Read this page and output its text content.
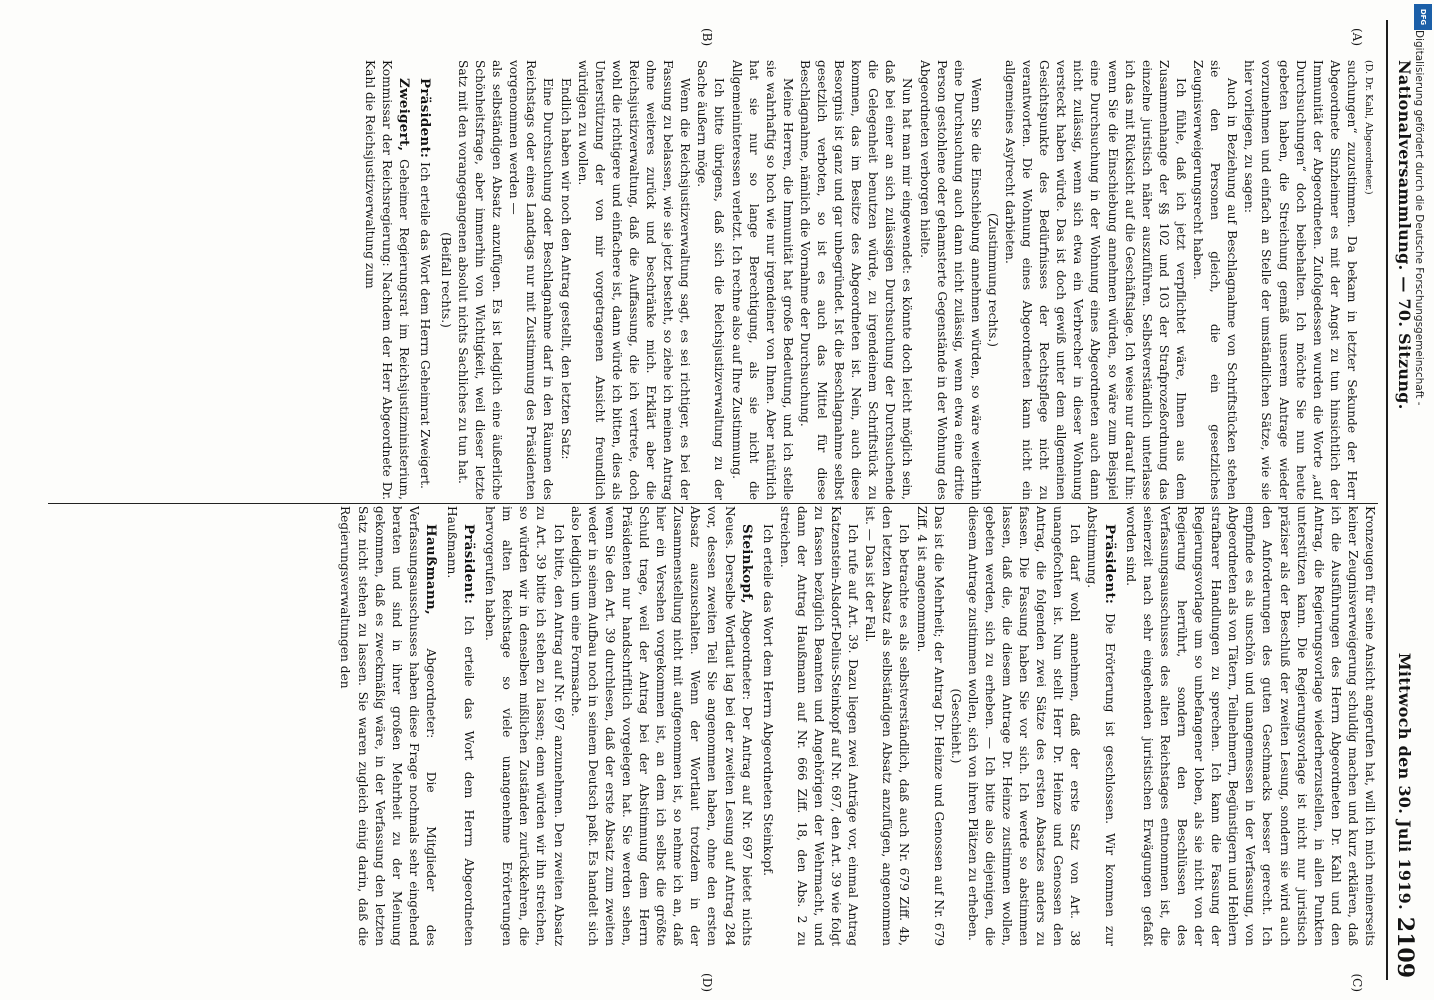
Nationalversammlung. — 70. Sitzung.
Mittwoch den 30. Juli 1919.
2109
(A)
(B)
(C)
(D)

(D. Dr. Kahl, Abgeordneter.)

suchungen“ zuzustimmen. Da bekam in letzter Sekunde der Herr Abgeordnete Sinzheimer es mit der Angst zu tun hinsichtlich der Immunität der Abgeordneten. Zufolgedessen wurden die Worte „auf Durchsuchungen“ doch beibehalten. Ich möchte Sie nun heute gebeten haben, die Streichung gemäß unserem Antrage wieder vorzunehmen und einfach an Stelle der umständlichen Sätze, wie sie hier vorliegen, zu sagen:

Auch in Beziehung auf Beschlagnahme von Schriftstücken stehen sie den Personen gleich, die ein gesetzliches Zeugnisverweigerungsrecht haben.

Ich fühle, daß ich jetzt verpflichtet wäre, Ihnen aus dem Zusammenhange der §§ 102 und 103 der Strafprozeßordnung das einzelne juristisch näher auszuführen. Selbstverständlich unterlasse ich das mit Rücksicht auf die Geschäftslage. Ich weise nur darauf hin: wenn Sie die Einschiebung annehmen würden, so wäre zum Beispiel eine Durchsuchung in der Wohnung eines Abgeordneten auch dann nicht zulässig, wenn sich etwa ein Verbrecher in dieser Wohnung versteckt haben würde. Das ist doch gewiß unter dem allgemeinen Gesichtspunkte des Bedürfnisses der Rechtspflege nicht zu verantworten. Die Wohnung eines Abgeordneten kann nicht ein allgemeines Asylrecht darbieten.

(Zustimmung rechts.)

Wenn Sie die Einschiebung annehmen würden, so wäre weiterhin eine Durchsuchung auch dann nicht zulässig, wenn etwa eine dritte Person gestohlene oder gehamsterte Gegenstände in der Wohnung des Abgeordneten verborgen hielte.

Nun hat man mir eingewendet: es könnte doch leicht möglich sein, daß bei einer an sich zulässigen Durchsuchung der Durchsuchende die Gelegenheit benutzen würde, zu irgendeinem Schriftstück zu kommen, das im Besitze des Abgeordneten ist. Nein, auch diese Besorgnis ist ganz und gar unbegründet. Ist die Beschlagnahme selbst gesetzlich verboten, so ist es auch das Mittel für diese Beschlagnahme, nämlich die Vornahme der Durchsuchung.

Meine Herren, die Immunität hat große Bedeutung, und ich stelle sie wahrhaftig so hoch wie nur irgendeiner von Ihnen. Aber natürlich hat sie nur so lange Berechtigung, als sie nicht die Allgemeininteressen verletzt. Ich rechne also auf Ihre Zustimmung.

Ich bitte übrigens, daß sich die Reichsjustizverwaltung zu der Sache äußern möge.

Wenn die Reichsjustizverwaltung sagt, es sei richtiger, es bei der Fassung zu belassen, wie sie jetzt besteht, so ziehe ich meinen Antrag ohne weiteres zurück und beschränke mich. Erklärt aber die Reichsjustizverwaltung, daß die Auffassung, die ich vertrete, doch wohl die richtigere und einfachere ist, dann würde ich bitten, dies als Unterstützung der von mir vorgetragenen Ansicht freundlich würdigen zu wollen.

Endlich haben wir noch den Antrag gestellt, den letzten Satz:

Eine Durchsuchung oder Beschlagnahme darf in den Räumen des Reichstags oder eines Landtags nur mit Zustimmung des Präsidenten vorgenommen werden —

als selbständigen Absatz anzufügen. Es ist lediglich eine äußerliche Schönheitsfrage, aber immerhin von Wichtigkeit, weil dieser letzte Satz mit den vorangegangenen absolut nichts Sachliches zu tun hat.

(Beifall rechts.)

Präsident: Ich erteile das Wort dem Herrn Geheimrat Zweigert.

Zweigert, Geheimer Regierungsrat im Reichsjustizministerium, Kommissar der Reichsregierung: Nachdem der Herr Abgeordnete Dr. Kahl die Reichsjustizverwaltung zum

Kronzeugen für seine Ansicht angerufen hat, will ich mich meinerseits keiner Zeugnisverweigerung schuldig machen und kurz erklären, daß ich die Ausführungen des Herrn Abgeordneten Dr. Kahl und den Antrag, die Regierungsvorlage wiederherzustellen, in allen Punkten unterstützen kann. Die Regierungsvorlage ist nicht nur juristisch präziser als der Beschluß der zweiten Lesung, sondern sie wird auch den Anforderungen des guten Geschmacks besser gerecht. Ich empfinde es als unschön und unangemessen in der Verfassung, von Abgeordneten als von Tätern, Teilnehmern, Begünstigern und Hehlern strafbarer Handlungen zu sprechen. Ich kann die Fassung der Regierungsvorlage um so unbefangener loben, als sie nicht von der Regierung herrührt, sondern den Beschlüssen des Verfassungsausschusses des alten Reichstages entnommen ist, die seinerzeit nach sehr eingehenden juristischen Erwägungen gefaßt worden sind.

Präsident: Die Erörterung ist geschlossen. Wir kommen zur Abstimmung.

Ich darf wohl annehmen, daß der erste Satz von Art. 38 unangefochten ist. Nun stellt Herr Dr. Heinze und Genossen den Antrag, die folgenden zwei Sätze des ersten Absatzes anders zu fassen. Die Fassung haben Sie vor sich. Ich werde so abstimmen lassen, daß die, die diesem Antrage Dr. Heinze zustimmen wollen, gebeten werden, sich zu erheben. — Ich bitte also diejenigen, die diesem Antrage zustimmen wollen, sich von ihren Plätzen zu erheben.

(Geschieht.)

Das ist die Mehrheit; der Antrag Dr. Heinze und Genossen auf Nr. 679 Ziff. 4 ist angenommen.

Ich betrachte es als selbstverständlich, daß auch Nr. 679 Ziff. 4b, den letzten Absatz als selbständigen Absatz anzufügen, angenommen ist. — Das ist der Fall.

Ich rufe auf Art. 39. Dazu liegen zwei Anträge vor, einmal Antrag Katzenstein-Alsdorf-Delius-Steinkopf auf Nr. 697, den Art. 39 wie folgt zu fassen bezüglich Beamten und Angehörigen der Wehrmacht, und dann der Antrag Haußmann auf Nr. 666 Ziff. 18, den Abs. 2 zu streichen.

Ich erteile das Wort dem Herrn Abgeordneten Steinkopf.

Steinkopf, Abgeordneter: Der Antrag auf Nr. 697 bietet nichts Neues. Derselbe Wortlaut lag bei der zweiten Lesung auf Antrag 284 vor, dessen zweiten Teil Sie angenommen haben, ohne den ersten Absatz auszuschalten. Wenn der Wortlaut trotzdem in der Zusammenstellung nicht mit aufgenommen ist, so nehme ich an, daß hier ein Versehen vorgekommen ist, an dem ich selbst die größte Schuld trage, weil der Antrag bei der Abstimmung dem Herrn Präsidenten nur handschriftlich vorgelegen hat. Sie werden sehen, wenn Sie den Art. 39 durchlesen, daß der erste Absatz zum zweiten weder in seinem Aufbau noch in seinem Deutsch paßt. Es handelt sich also lediglich um eine Formsache.

Ich bitte, den Antrag auf Nr. 697 anzunehmen. Den zweiten Absatz zu Art. 39 bitte ich stehen zu lassen; denn würden wir ihn streichen, so würden wir in denselben mißlichen Zuständen zurückkehren, die im alten Reichstage so viele unangenehme Erörterungen hervorgerufen haben.

Präsident: Ich erteile das Wort dem Herrn Abgeordneten Haußmann.

Haußmann, Abgeordneter: Die Mitglieder des Verfassungsausschusses haben diese Frage nochmals sehr eingehend beraten und sind in ihrer großen Mehrheit zu der Meinung gekommen, daß es zweckmäßig wäre, in der Verfassung den letzten Satz nicht stehen zu lassen. Sie waren zugleich einig darin, daß die Regierungsverwaltungen den

DFG
Digitalisierung gefördert durch die Deutsche Forschungsgemeinschaft -
